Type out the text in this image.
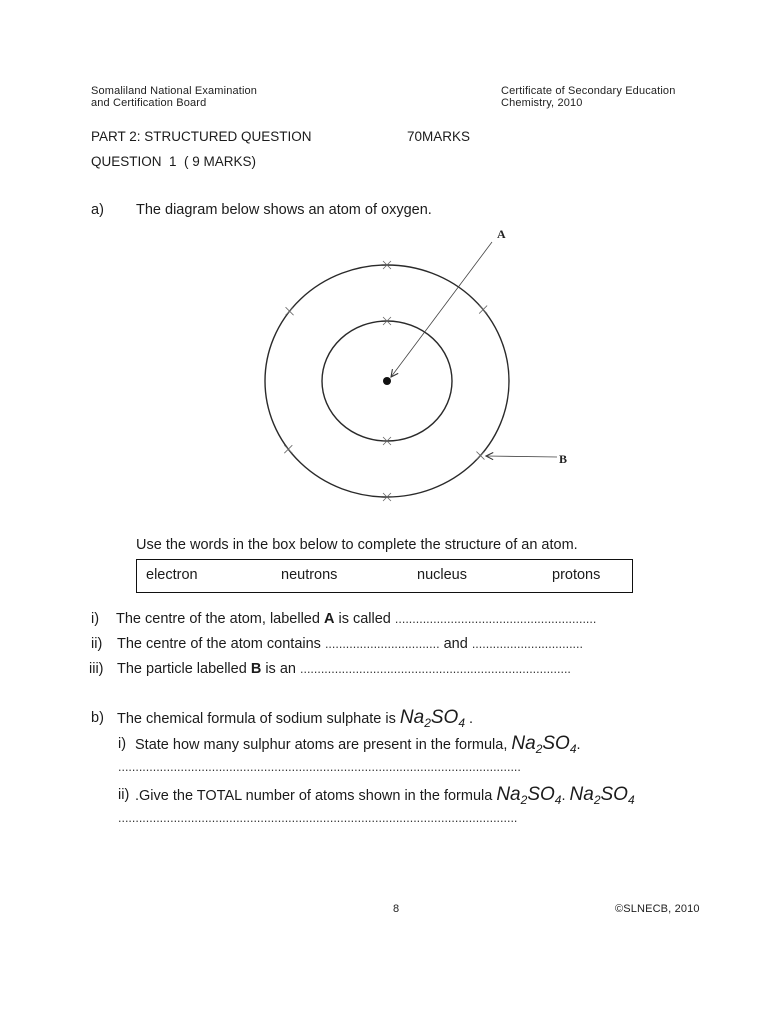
Somaliland National Examination
and Certification Board
Certificate of Secondary Education
Chemistry, 2010
PART 2: STRUCTURED QUESTION	70MARKS
QUESTION  1  ( 9 MARKS)
a) The diagram below shows an atom of oxygen.
A
B
Use the words in the box below to complete the structure of an atom.
electron	neutrons	nucleus	protons
i) The centre of the atom, labelled A is called ..........................................................
ii) The centre of the atom contains ................................. and ................................
iii) The particle labelled B is an ..............................................................................
b) The chemical formula of sodium sulphate is $Na_2SO_4$ .
i) State how many sulphur atoms are present in the formula, $Na_2SO_4$.
....................................................................................................................
ii) .Give the TOTAL number of atoms shown in the formula $Na_2SO_4$. $Na_2SO_4$
...................................................................................................................
8	©SLNECB, 2010
